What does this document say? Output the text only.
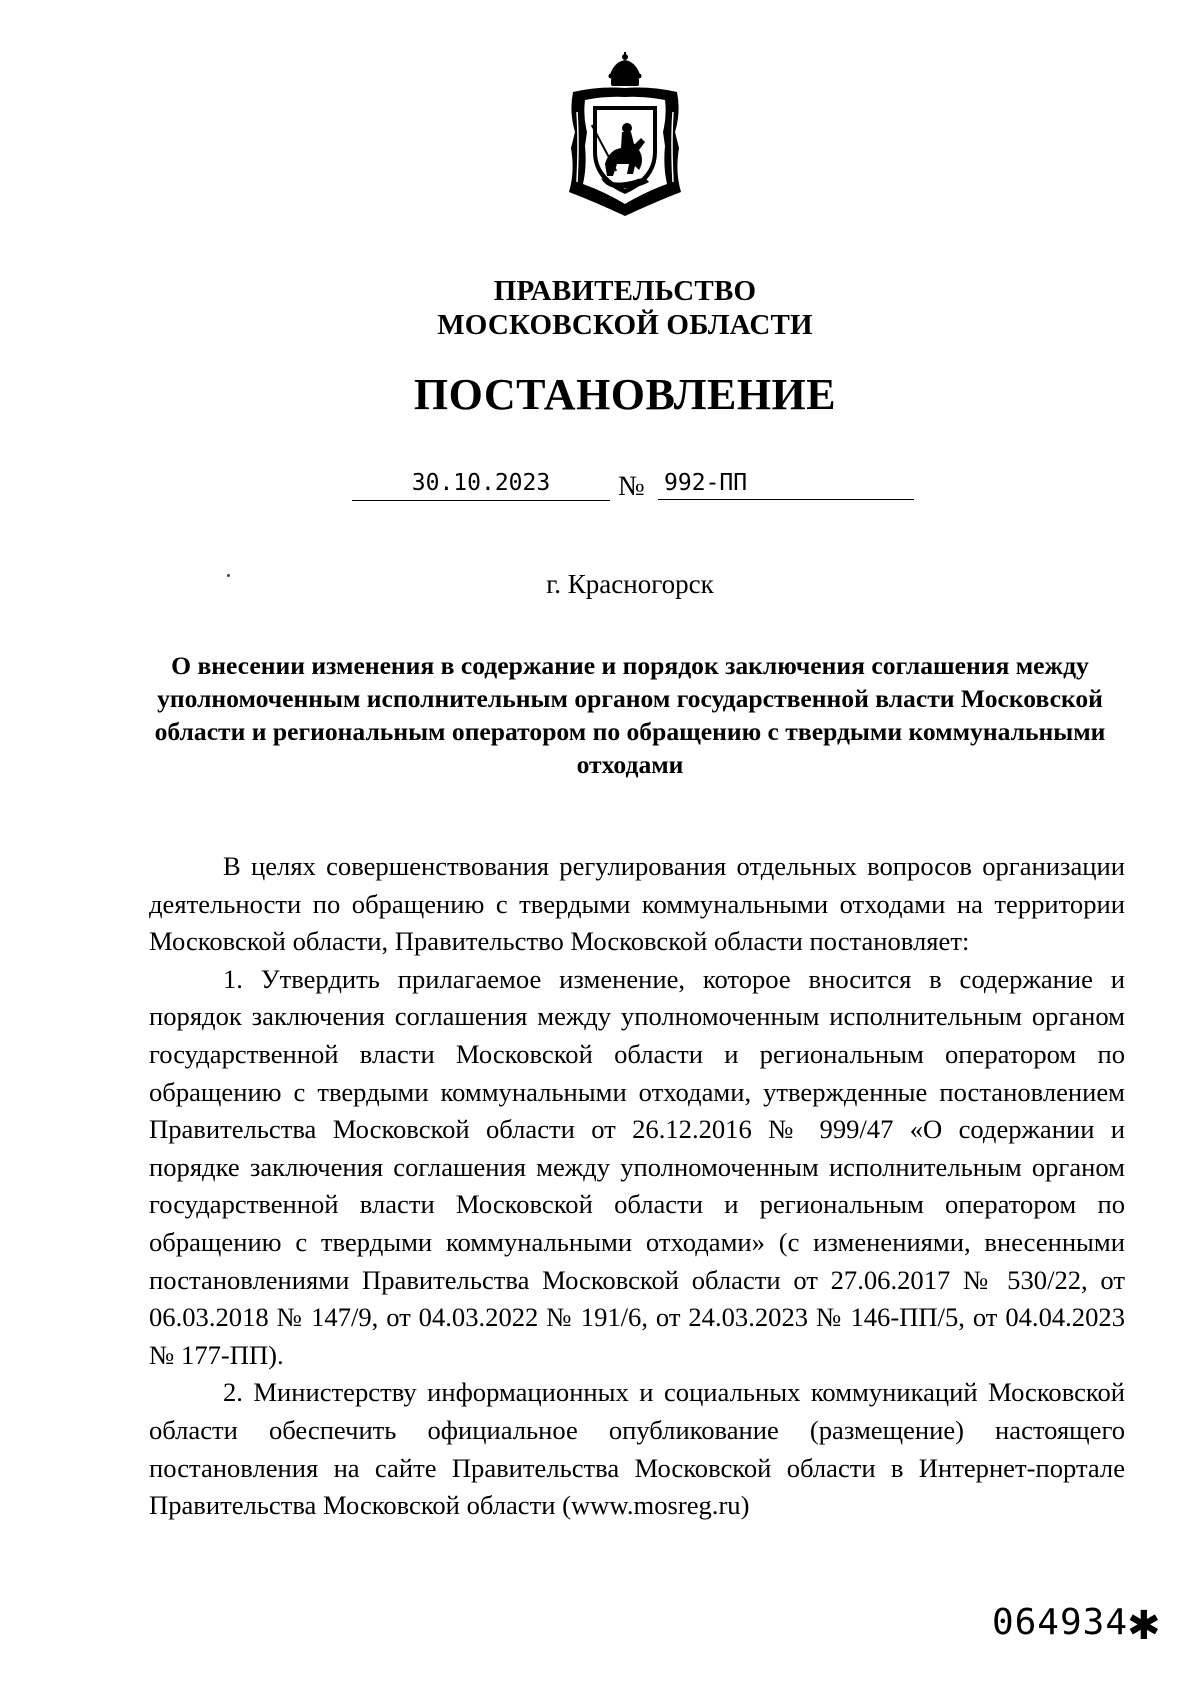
ПРАВИТЕЛЬСТВО
МОСКОВСКОЙ ОБЛАСТИ
ПОСТАНОВЛЕНИЕ
30.10.2023	№ 992-ПП
г. Красногорск
О внесении изменения в содержание и порядок заключения соглашения между уполномоченным исполнительным органом государственной власти Московской области и региональным оператором по обращению с твердыми коммунальными отходами

В целях совершенствования регулирования отдельных вопросов организации деятельности по обращению с твердыми коммунальными отходами на территории Московской области, Правительство Московской области постановляет:

1. Утвердить прилагаемое изменение, которое вносится в содержание и порядок заключения соглашения между уполномоченным исполнительным органом государственной власти Московской области и региональным оператором по обращению с твердыми коммунальными отходами, утвержденные постановлением Правительства Московской области от 26.12.2016 № 999/47 «О содержании и порядке заключения соглашения между уполномоченным исполнительным органом государственной власти Московской области и региональным оператором по обращению с твердыми коммунальными отходами» (с изменениями, внесенными постановлениями Правительства Московской области от 27.06.2017 № 530/22, от 06.03.2018 № 147/9, от 04.03.2022 № 191/6, от 24.03.2023 № 146-ПП/5, от 04.04.2023 № 177-ПП).

2. Министерству информационных и социальных коммуникаций Московской области обеспечить официальное опубликование (размещение) настоящего постановления на сайте Правительства Московской области в Интернет-портале Правительства Московской области (www.mosreg.ru)

064934 ✱
